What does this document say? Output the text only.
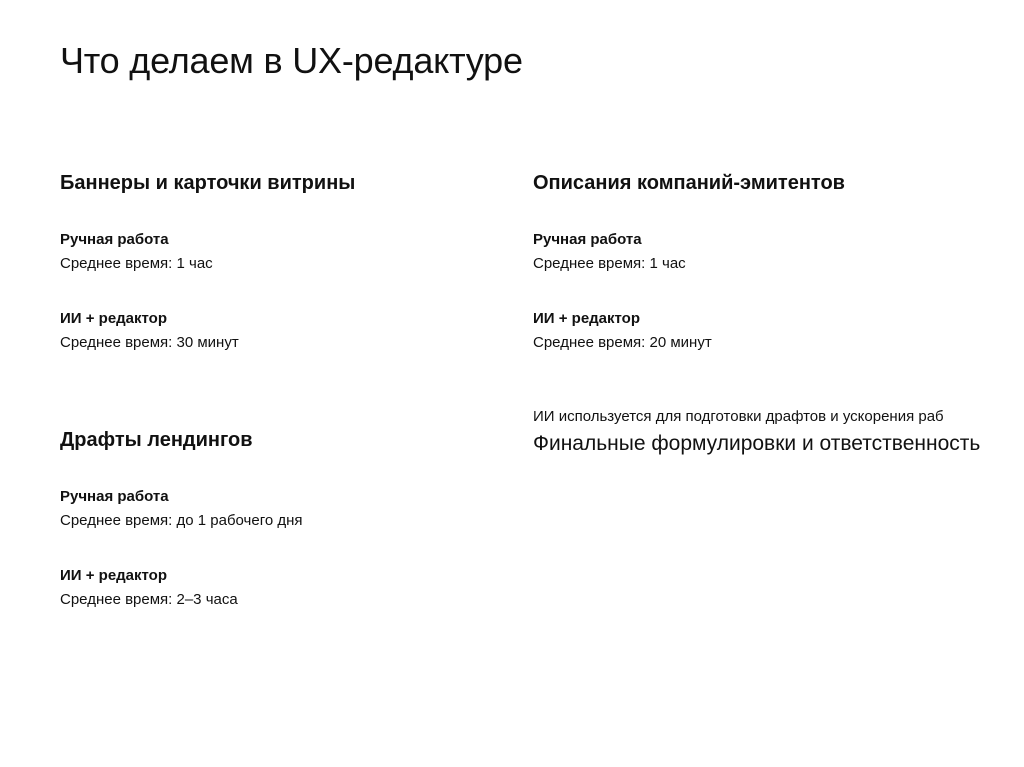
Что делаем в UX-редактуре
Баннеры и карточки витрины
Ручная работа
Среднее время: 1 час
ИИ + редактор
Среднее время: 30 минут
Драфты лендингов
Ручная работа
Среднее время: до 1 рабочего дня
ИИ + редактор
Среднее время: 2–3 часа
Описания компаний-эмитентов
Ручная работа
Среднее время: 1 час
ИИ + редактор
Среднее время: 20 минут
ИИ используется для подготовки драфтов и ускорения раб
Финальные формулировки и ответственность
